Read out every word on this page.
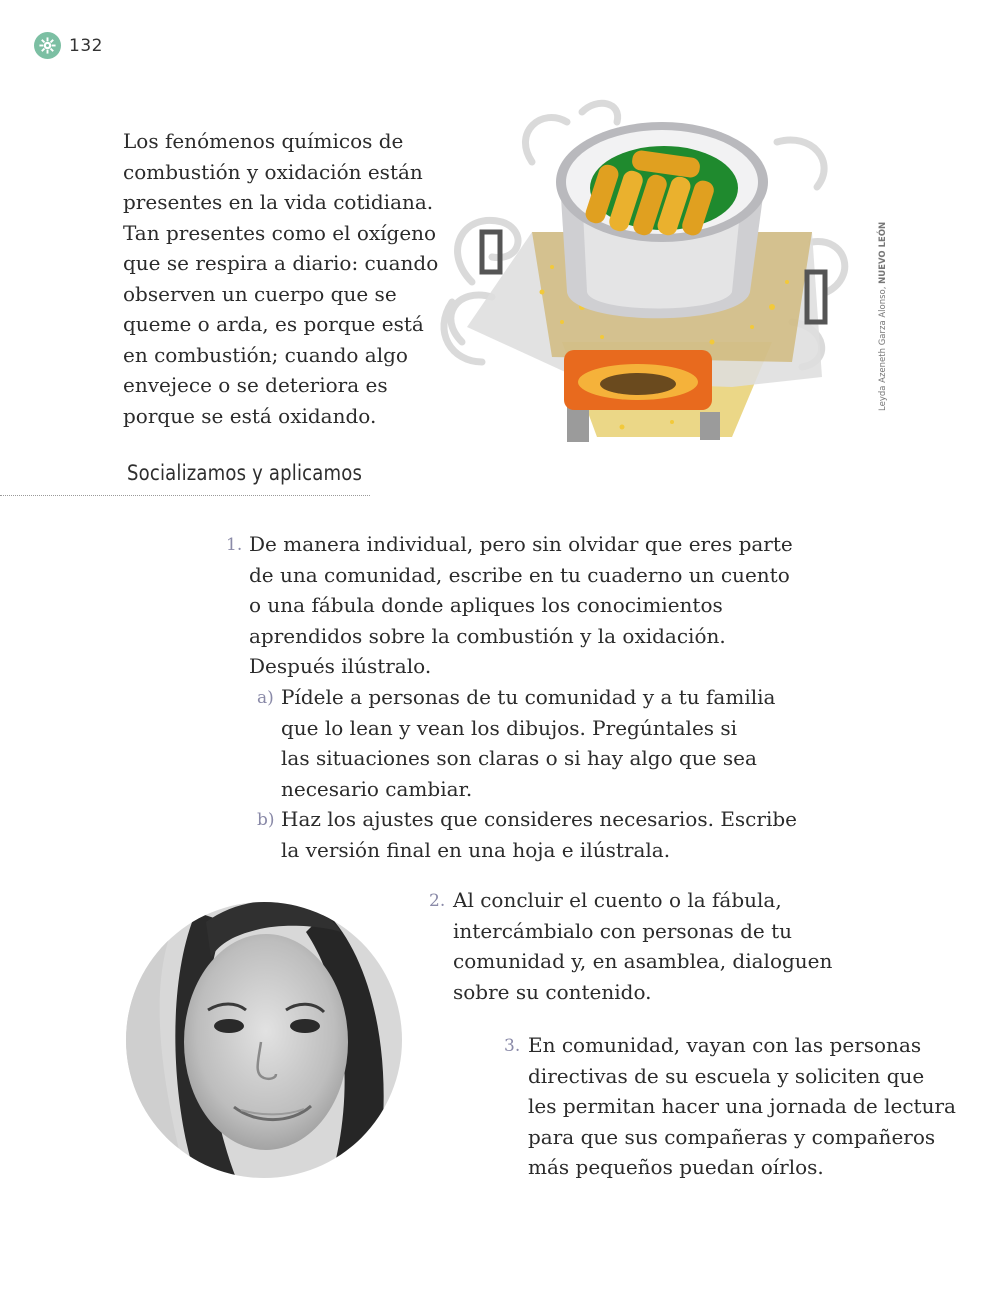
132

Los fenómenos químicos de
combustión y oxidación están
presentes en la vida cotidiana.
Tan presentes como el oxígeno
que se respira a diario: cuando
observen un cuerpo que se
queme o arda, es porque está
en combustión; cuando algo
envejece o se deteriora es
porque se está oxidando.

Leyda Azeneth Garza Alonso, NUEVO LEÓN
Socializamos y aplicamos
1. De manera individual, pero sin olvidar que eres parte
de una comunidad, escribe en tu cuaderno un cuento
o una fábula donde apliques los conocimientos
aprendidos sobre la combustión y la oxidación.
Después ilústralo.
a) Pídele a personas de tu comunidad y a tu familia
que lo lean y vean los dibujos. Pregúntales si
las situaciones son claras o si hay algo que sea
necesario cambiar.
b) Haz los ajustes que consideres necesarios. Escribe
la versión final en una hoja e ilústrala.
2. Al concluir el cuento o la fábula,
intercámbialo con personas de tu
comunidad y, en asamblea, dialoguen
sobre su contenido.
3. En comunidad, vayan con las personas
directivas de su escuela y soliciten que
les permitan hacer una jornada de lectura
para que sus compañeras y compañeros
más pequeños puedan oírlos.
